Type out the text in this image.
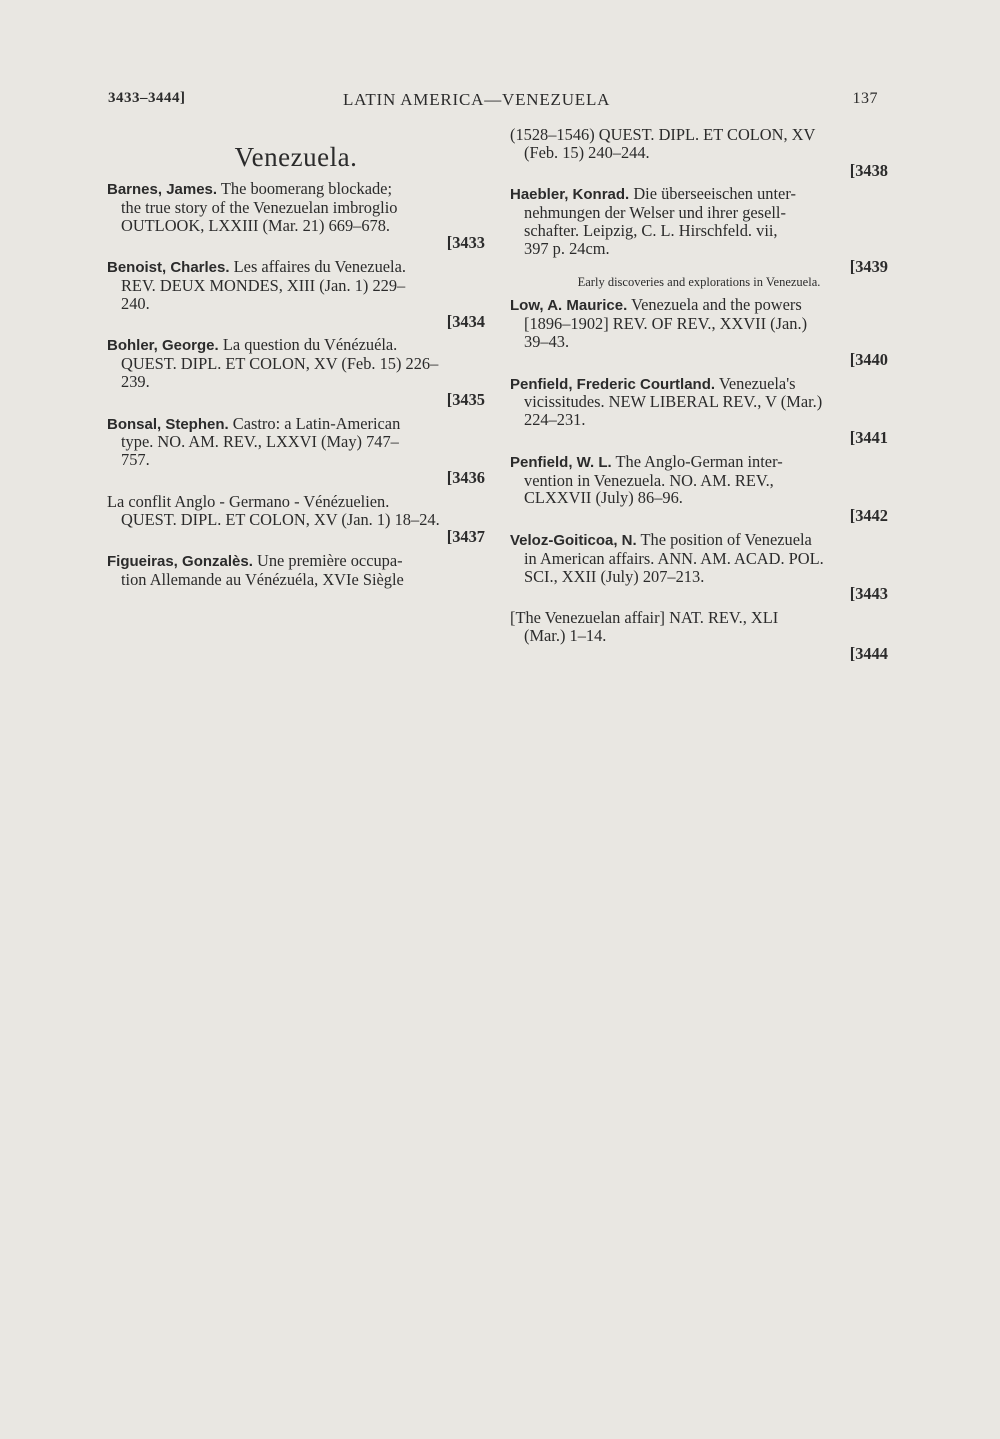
3433–3444]	LATIN AMERICA—VENEZUELA	137
Venezuela.
Barnes, James. The boomerang blockade;
the true story of the Venezuelan imbroglio
OUTLOOK, LXXIII (Mar. 21) 669–678.
[3433
Benoist, Charles. Les affaires du Venezuela.
REV. DEUX MONDES, XIII (Jan. 1) 229–
240.
[3434
Bohler, George. La question du Vénézuéla.
QUEST. DIPL. ET COLON, XV (Feb. 15) 226–
239.
[3435
Bonsal, Stephen. Castro: a Latin-American
type. NO. AM. REV., LXXVI (May) 747–
757.
[3436
La conflit Anglo - Germano - Vénézuelien.
QUEST. DIPL. ET COLON, XV (Jan. 1) 18–24.
[3437
Figueiras, Gonzalès. Une première occupa-
tion Allemande au Vénézuéla, XVIe Siègle
(1528–1546) QUEST. DIPL. ET COLON, XV
(Feb. 15) 240–244.
[3438
Haebler, Konrad. Die überseeischen unter-
nehmungen der Welser und ihrer gesell-
schafter. Leipzig, C. L. Hirschfeld. vii,
397 p. 24cm.
[3439
Early discoveries and explorations in Venezuela.
Low, A. Maurice. Venezuela and the powers
[1896–1902] REV. OF REV., XXVII (Jan.)
39–43.
[3440
Penfield, Frederic Courtland. Venezuela's
vicissitudes. NEW LIBERAL REV., V (Mar.)
224–231.
[3441
Penfield, W. L. The Anglo-German inter-
vention in Venezuela. NO. AM. REV.,
CLXXVII (July) 86–96.
[3442
Veloz-Goiticoa, N. The position of Venezuela
in American affairs. ANN. AM. ACAD. POL.
SCI., XXII (July) 207–213.
[3443
[The Venezuelan affair] NAT. REV., XLI
(Mar.) 1–14.
[3444
